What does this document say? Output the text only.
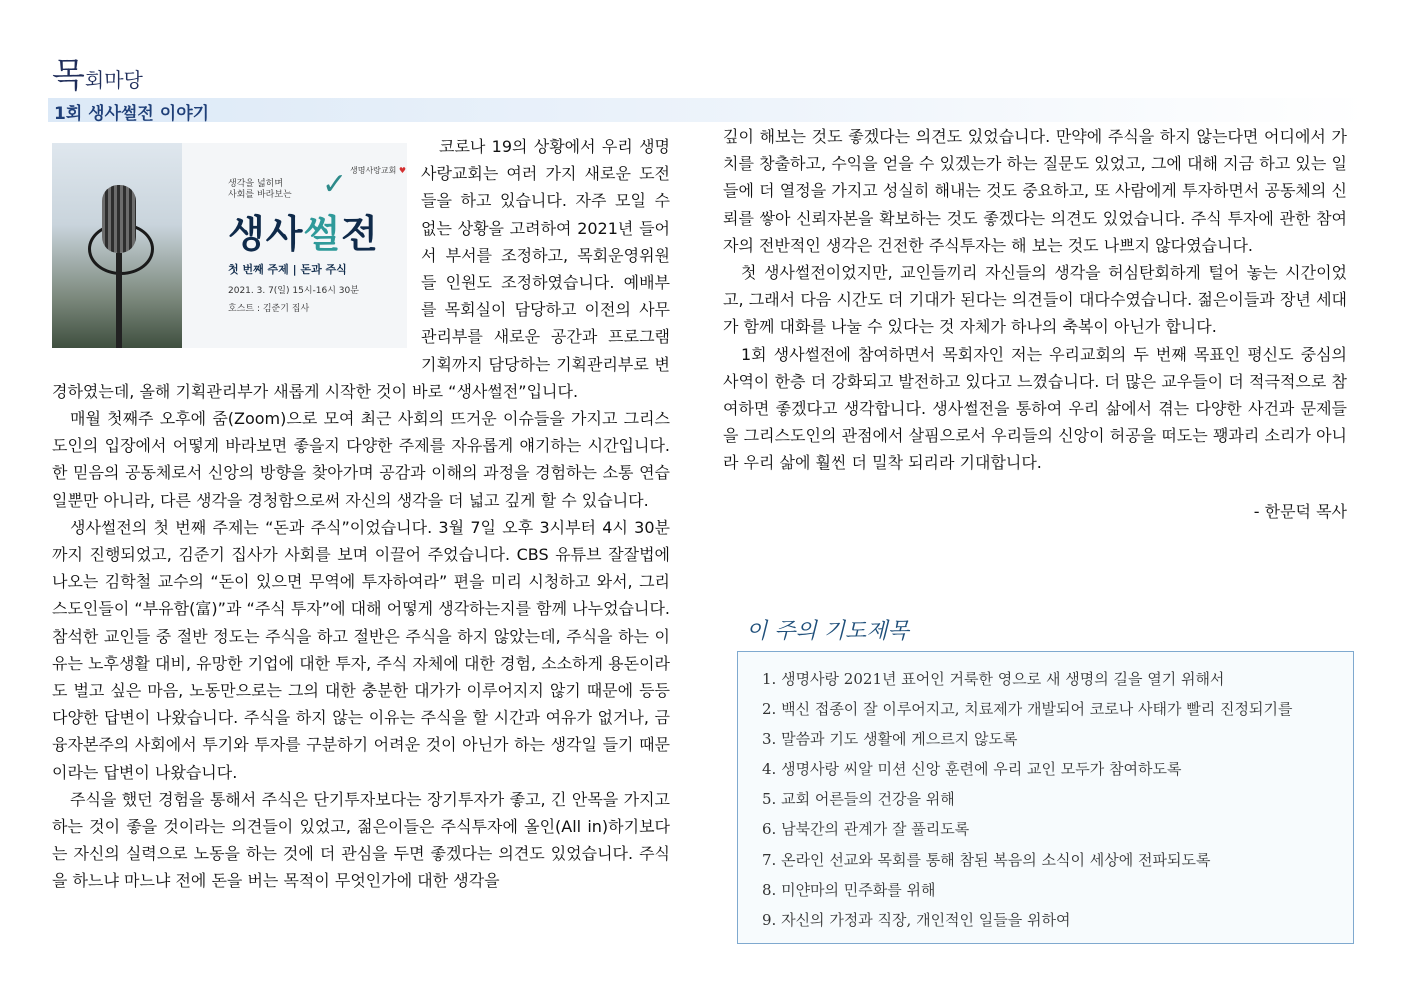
목회마당
1회 생사썰전 이야기
생각을 넓히며
사회를 바라보는 ✓ 생명사랑교회 ♥
생사썰전
첫 번째 주제 | 돈과 주식
2021. 3. 7(일) 15시-16시 30분
호스트 : 김준기 집사

코로나 19의 상황에서 우리 생명사랑교회는 여러 가지 새로운 도전들을 하고 있습니다. 자주 모일 수 없는 상황을 고려하여 2021년 들어서 부서를 조정하고, 목회운영위원들 인원도 조정하였습니다. 예배부를 목회실이 담당하고 이전의 사무관리부를 새로운 공간과 프로그램 기획까지 담당하는 기획관리부로 변경하였는데, 올해 기획관리부가 새롭게 시작한 것이 바로 “생사썰전”입니다.

매월 첫째주 오후에 줌(Zoom)으로 모여 최근 사회의 뜨거운 이슈들을 가지고 그리스도인의 입장에서 어떻게 바라보면 좋을지 다양한 주제를 자유롭게 얘기하는 시간입니다. 한 믿음의 공동체로서 신앙의 방향을 찾아가며 공감과 이해의 과정을 경험하는 소통 연습일뿐만 아니라, 다른 생각을 경청함으로써 자신의 생각을 더 넓고 깊게 할 수 있습니다.

생사썰전의 첫 번째 주제는 “돈과 주식”이었습니다. 3월 7일 오후 3시부터 4시 30분까지 진행되었고, 김준기 집사가 사회를 보며 이끌어 주었습니다. CBS 유튜브 잘잘법에 나오는 김학철 교수의 “돈이 있으면 무역에 투자하여라” 편을 미리 시청하고 와서, 그리스도인들이 “부유함(富)”과 “주식 투자”에 대해 어떻게 생각하는지를 함께 나누었습니다. 참석한 교인들 중 절반 정도는 주식을 하고 절반은 주식을 하지 않았는데, 주식을 하는 이유는 노후생활 대비, 유망한 기업에 대한 투자, 주식 자체에 대한 경험, 소소하게 용돈이라도 벌고 싶은 마음, 노동만으로는 그의 대한 충분한 대가가 이루어지지 않기 때문에 등등 다양한 답변이 나왔습니다. 주식을 하지 않는 이유는 주식을 할 시간과 여유가 없거나, 금융자본주의 사회에서 투기와 투자를 구분하기 어려운 것이 아닌가 하는 생각일 들기 때문이라는 답변이 나왔습니다.

주식을 했던 경험을 통해서 주식은 단기투자보다는 장기투자가 좋고, 긴 안목을 가지고 하는 것이 좋을 것이라는 의견들이 있었고, 젊은이들은 주식투자에 올인(All in)하기보다는 자신의 실력으로 노동을 하는 것에 더 관심을 두면 좋겠다는 의견도 있었습니다. 주식을 하느냐 마느냐 전에 돈을 버는 목적이 무엇인가에 대한 생각을

깊이 해보는 것도 좋겠다는 의견도 있었습니다. 만약에 주식을 하지 않는다면 어디에서 가치를 창출하고, 수익을 얻을 수 있겠는가 하는 질문도 있었고, 그에 대해 지금 하고 있는 일들에 더 열정을 가지고 성실히 해내는 것도 중요하고, 또 사람에게 투자하면서 공동체의 신뢰를 쌓아 신뢰자본을 확보하는 것도 좋겠다는 의견도 있었습니다. 주식 투자에 관한 참여자의 전반적인 생각은 건전한 주식투자는 해 보는 것도 나쁘지 않다였습니다.

첫 생사썰전이었지만, 교인들끼리 자신들의 생각을 허심탄회하게 털어 놓는 시간이었고, 그래서 다음 시간도 더 기대가 된다는 의견들이 대다수였습니다. 젊은이들과 장년 세대가 함께 대화를 나눌 수 있다는 것 자체가 하나의 축복이 아닌가 합니다.

1회 생사썰전에 참여하면서 목회자인 저는 우리교회의 두 번째 목표인 평신도 중심의 사역이 한층 더 강화되고 발전하고 있다고 느꼈습니다. 더 많은 교우들이 더 적극적으로 참여하면 좋겠다고 생각합니다. 생사썰전을 통하여 우리 삶에서 겪는 다양한 사건과 문제들을 그리스도인의 관점에서 살핌으로서 우리들의 신앙이 허공을 떠도는 꽹과리 소리가 아니라 우리 삶에 훨씬 더 밀착 되리라 기대합니다.

- 한문덕 목사
이 주의 기도제목
1. 생명사랑 2021년 표어인 거룩한 영으로 새 생명의 길을 열기 위해서
2. 백신 접종이 잘 이루어지고, 치료제가 개발되어 코로나 사태가 빨리 진정되기를
3. 말씀과 기도 생활에 게으르지 않도록
4. 생명사랑 씨알 미션 신앙 훈련에 우리 교인 모두가 참여하도록
5. 교회 어른들의 건강을 위해
6. 남북간의 관계가 잘 풀리도록
7. 온라인 선교와 목회를 통해 참된 복음의 소식이 세상에 전파되도록
8. 미얀마의 민주화를 위해
9. 자신의 가정과 직장, 개인적인 일들을 위하여
